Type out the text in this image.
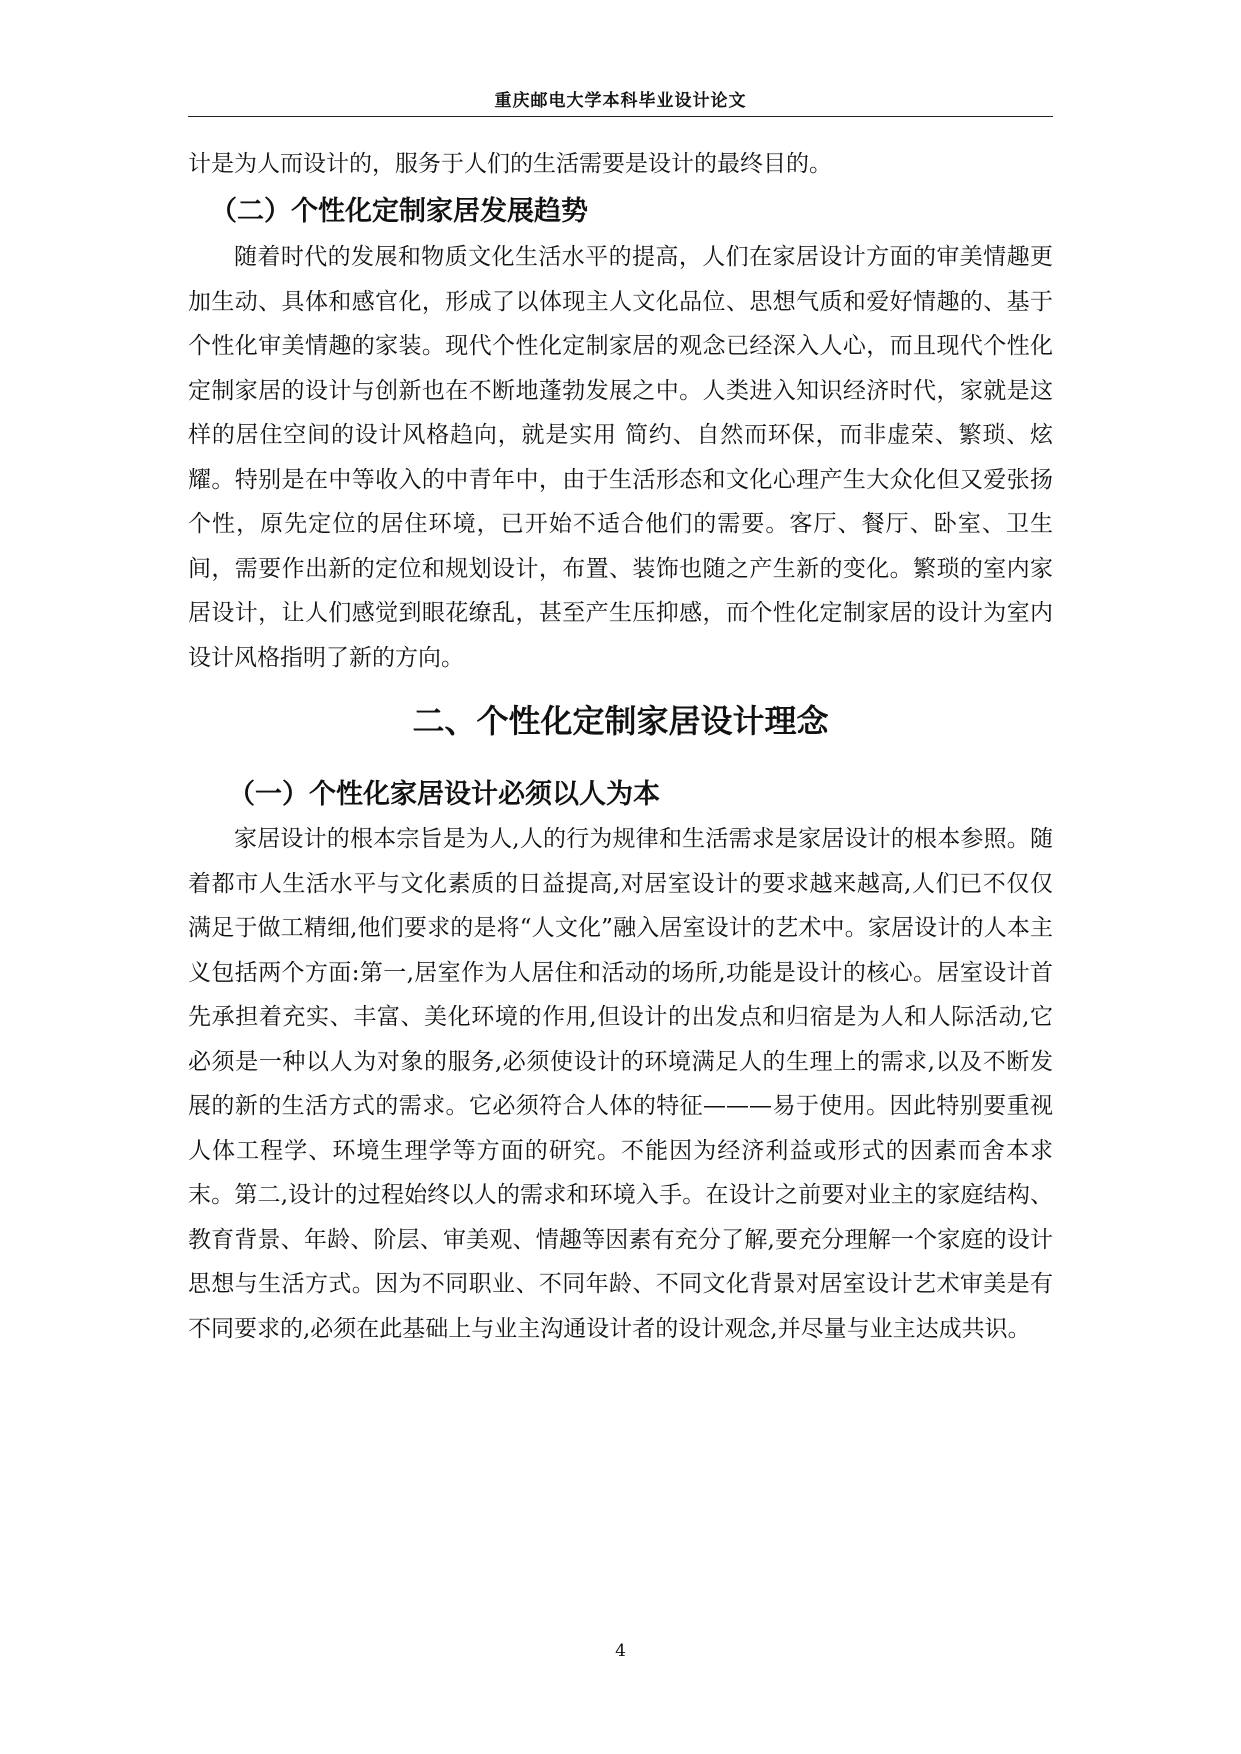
重庆邮电大学本科毕业设计论文

计是为人而设计的，服务于人们的生活需要是设计的最终目的。

（二）个性化定制家居发展趋势

随着时代的发展和物质文化生活水平的提高，人们在家居设计方面的审美情趣更加生动、具体和感官化，形成了以体现主人文化品位、思想气质和爱好情趣的、基于个性化审美情趣的家装。现代个性化定制家居的观念已经深入人心，而且现代个性化定制家居的设计与创新也在不断地蓬勃发展之中。人类进入知识经济时代，家就是这样的居住空间的设计风格趋向，就是实用 简约、自然而环保，而非虚荣、繁琐、炫耀。特别是在中等收入的中青年中，由于生活形态和文化心理产生大众化但又爱张扬个性，原先定位的居住环境，已开始不适合他们的需要。客厅、餐厅、卧室、卫生间，需要作出新的定位和规划设计，布置、装饰也随之产生新的变化。繁琐的室内家居设计，让人们感觉到眼花缭乱，甚至产生压抑感，而个性化定制家居的设计为室内设计风格指明了新的方向。

二、个性化定制家居设计理念
（一）个性化家居设计必须以人为本

家居设计的根本宗旨是为人,人的行为规律和生活需求是家居设计的根本参照。随着都市人生活水平与文化素质的日益提高,对居室设计的要求越来越高,人们已不仅仅满足于做工精细,他们要求的是将“人文化”融入居室设计的艺术中。家居设计的人本主义包括两个方面:第一,居室作为人居住和活动的场所,功能是设计的核心。居室设计首先承担着充实、丰富、美化环境的作用,但设计的出发点和归宿是为人和人际活动,它必须是一种以人为对象的服务,必须使设计的环境满足人的生理上的需求,以及不断发展的新的生活方式的需求。它必须符合人体的特征———易于使用。因此特别要重视人体工程学、环境生理学等方面的研究。不能因为经济利益或形式的因素而舍本求末。第二,设计的过程始终以人的需求和环境入手。在设计之前要对业主的家庭结构、教育背景、年龄、阶层、审美观、情趣等因素有充分了解,要充分理解一个家庭的设计思想与生活方式。因为不同职业、不同年龄、不同文化背景对居室设计艺术审美是有不同要求的,必须在此基础上与业主沟通设计者的设计观念,并尽量与业主达成共识。

4
